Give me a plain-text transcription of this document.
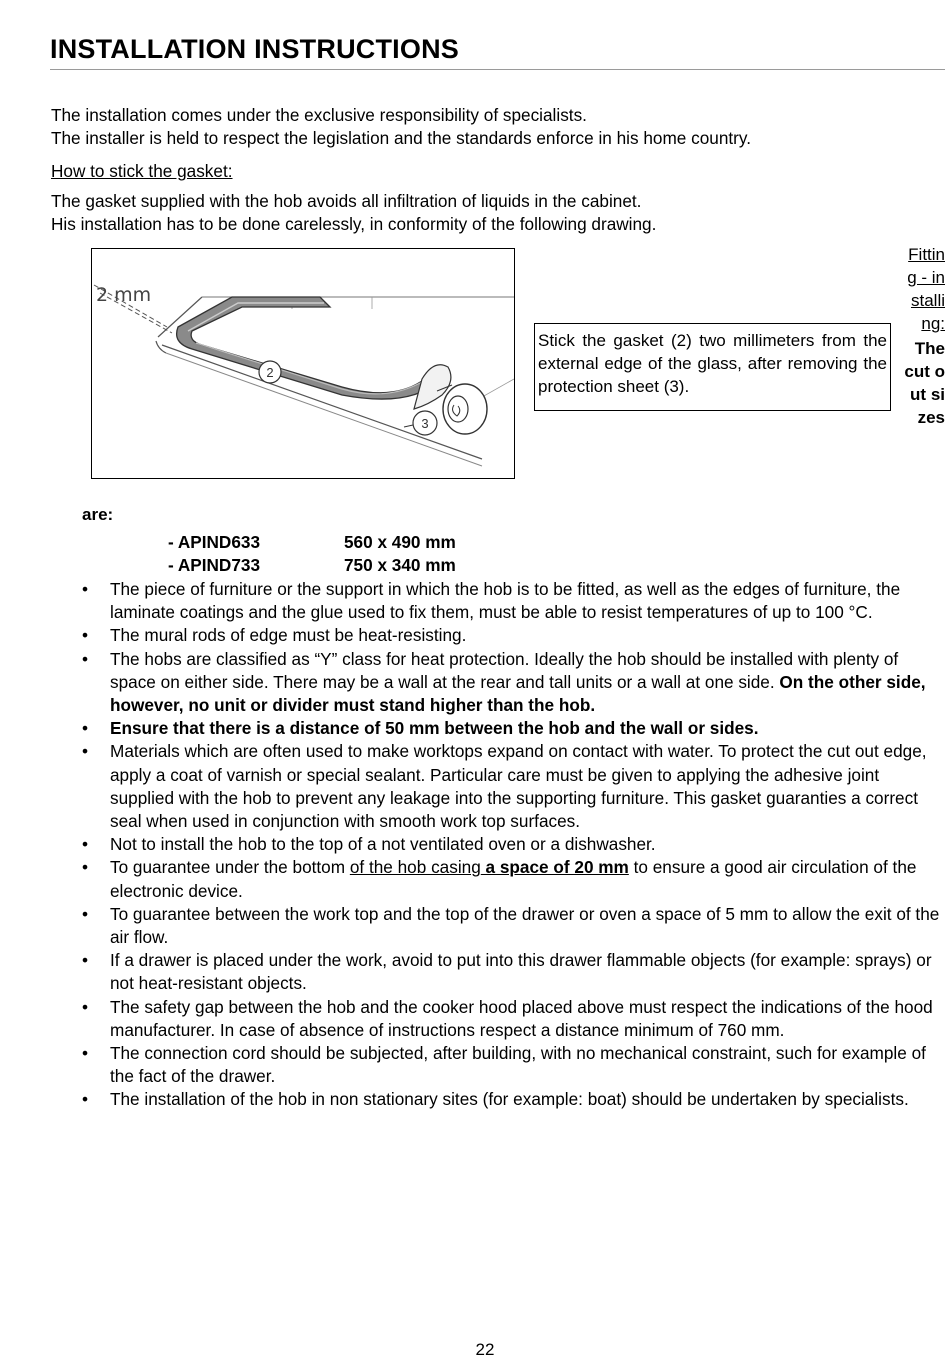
INSTALLATION INSTRUCTIONS

The installation comes under the exclusive responsibility of specialists.

The installer is held to respect the legislation and the standards enforce in his home country.

How to stick the gasket:

The gasket supplied with the hob avoids all infiltration of liquids in the cabinet.

His installation has to be done carelessly, in conformity of the following drawing.

2
3
2 mm
Stick the gasket (2) two millimeters from the external edge of the glass, after removing the protection sheet (3).
Fitting - installing:
The cut out sizes
are:
- APIND633	560 x 490 mm
- APIND733	750 x 340 mm
• The piece of furniture or the support in which the hob is to be fitted, as well as the edges of furniture, the laminate coatings and the glue used to fix them, must be able to resist temperatures of up to 100 °C.
• The mural rods of edge must be heat-resisting.
• The hobs are classified as “Y” class for heat protection. Ideally the hob should be installed with plenty of space on either side. There may be a wall at the rear and tall units or a wall at one side. On the other side, however, no unit or divider must stand higher than the hob.
• Ensure that there is a distance of 50 mm between the hob and the wall or sides.
• Materials which are often used to make worktops expand on contact with water. To protect the cut out edge, apply a coat of varnish or special sealant. Particular care must be given to applying the adhesive joint supplied with the hob to prevent any leakage into the supporting furniture. This gasket guaranties a correct seal when used in conjunction with smooth work top surfaces.
• Not to install the hob to the top of a not ventilated oven or a dishwasher.
• To guarantee under the bottom of the hob casing a space of 20 mm to ensure a good air circulation of the electronic device.
• To guarantee between the work top and the top of the drawer or oven a space of 5 mm to allow the exit of the air flow.
• If a drawer is placed under the work, avoid to put into this drawer flammable objects (for example: sprays) or not heat-resistant objects.
• The safety gap between the hob and the cooker hood placed above must respect the indications of the hood manufacturer. In case of absence of instructions respect a distance minimum of 760 mm.
• The connection cord should be subjected, after building, with no mechanical constraint, such for example of the fact of the drawer.
• The installation of the hob in non stationary sites (for example: boat) should be undertaken by specialists.
22
